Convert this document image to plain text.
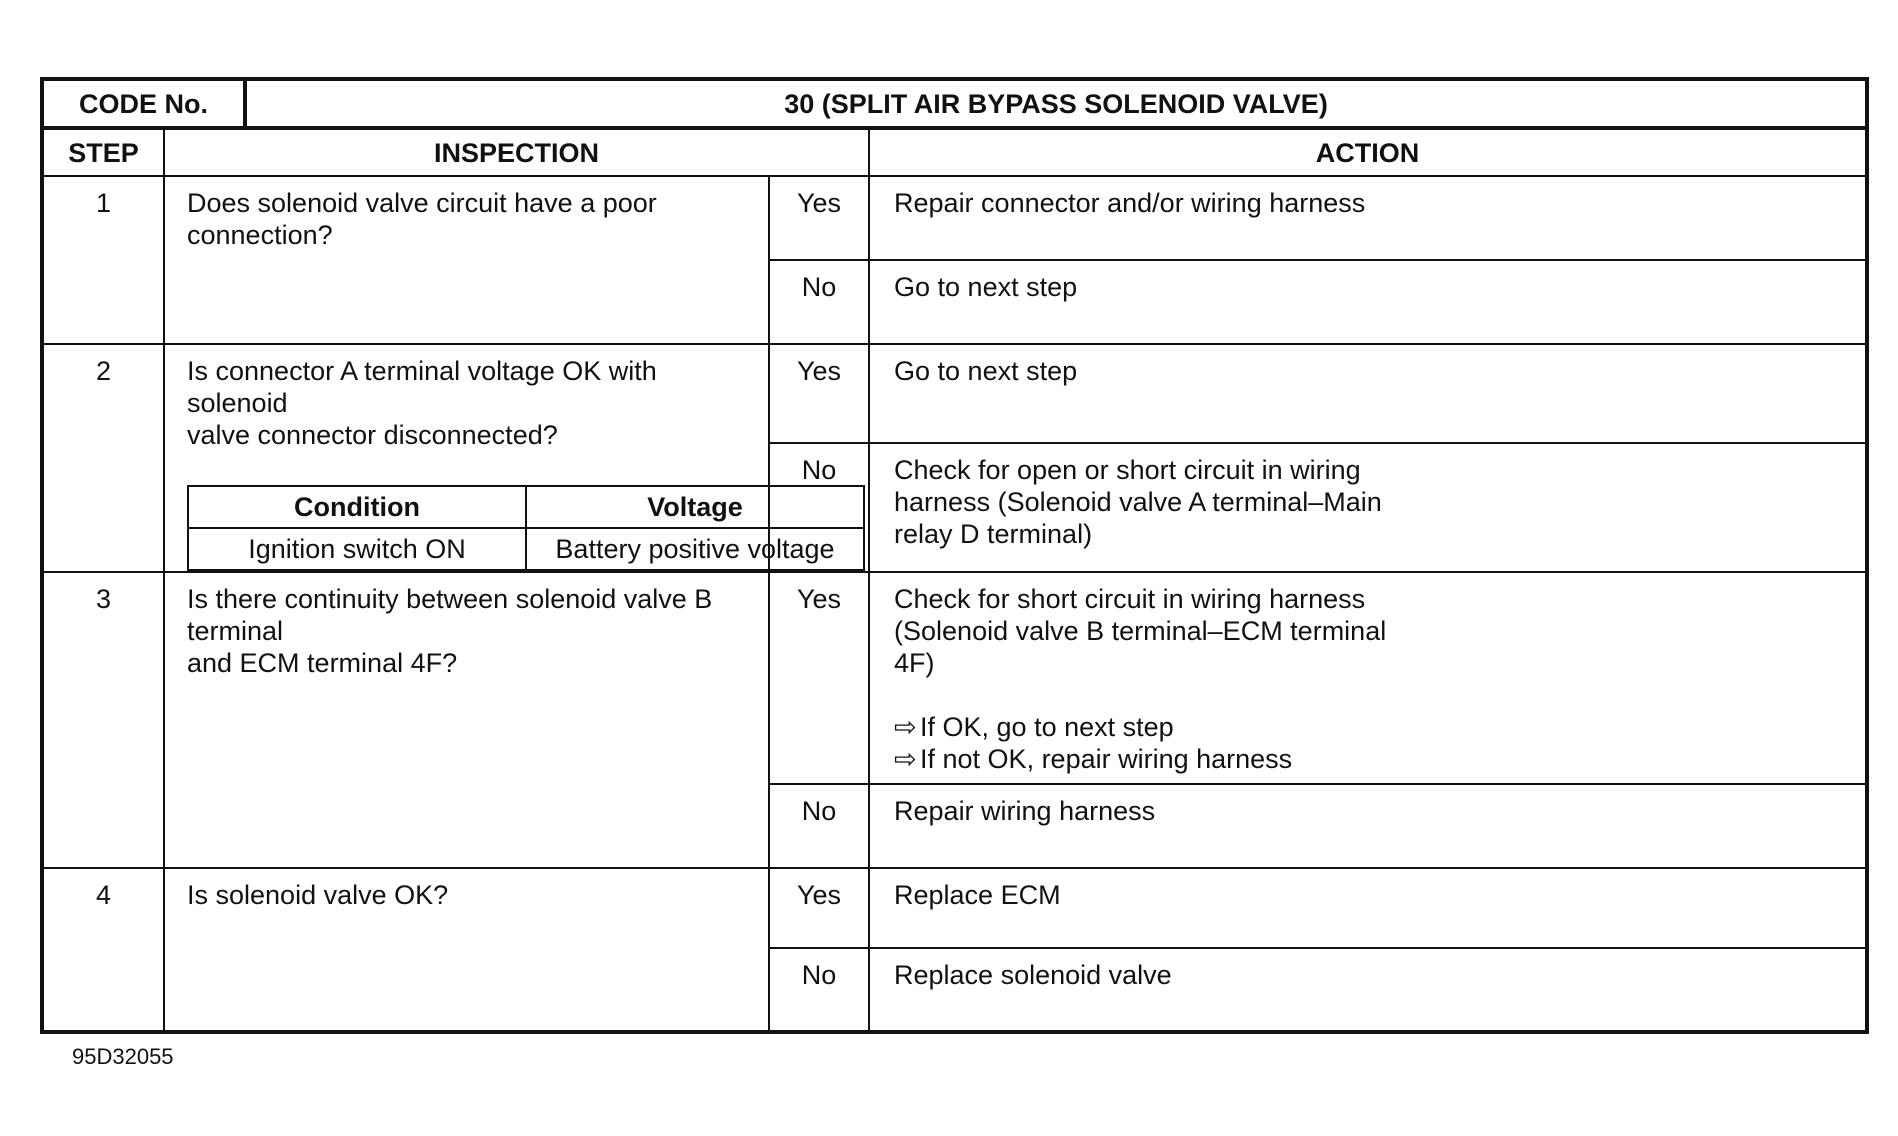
CODE No.	30 (SPLIT AIR BYPASS SOLENOID VALVE)
STEP	INSPECTION	ACTION
1	Does solenoid valve circuit have a poor connection?	Yes	Repair connector and/or wiring harness
No	Go to next step
2	Is connector A terminal voltage OK with solenoid
valve connector disconnected?
Condition	Voltage
Ignition switch ON	Battery positive voltage
	Yes	Go to next step
No	Check for open or short circuit in wiring
harness (Solenoid valve A terminal–Main
relay D terminal)

3	Is there continuity between solenoid valve B terminal
and ECM terminal 4F?
	Yes	Check for short circuit in wiring harness
(Solenoid valve B terminal–ECM terminal
4F)
⇨ If OK, go to next step
⇨ If not OK, repair wiring harness

No	Repair wiring harness
4	Is solenoid valve OK?	Yes	Replace ECM
No	Replace solenoid valve
95D32055
